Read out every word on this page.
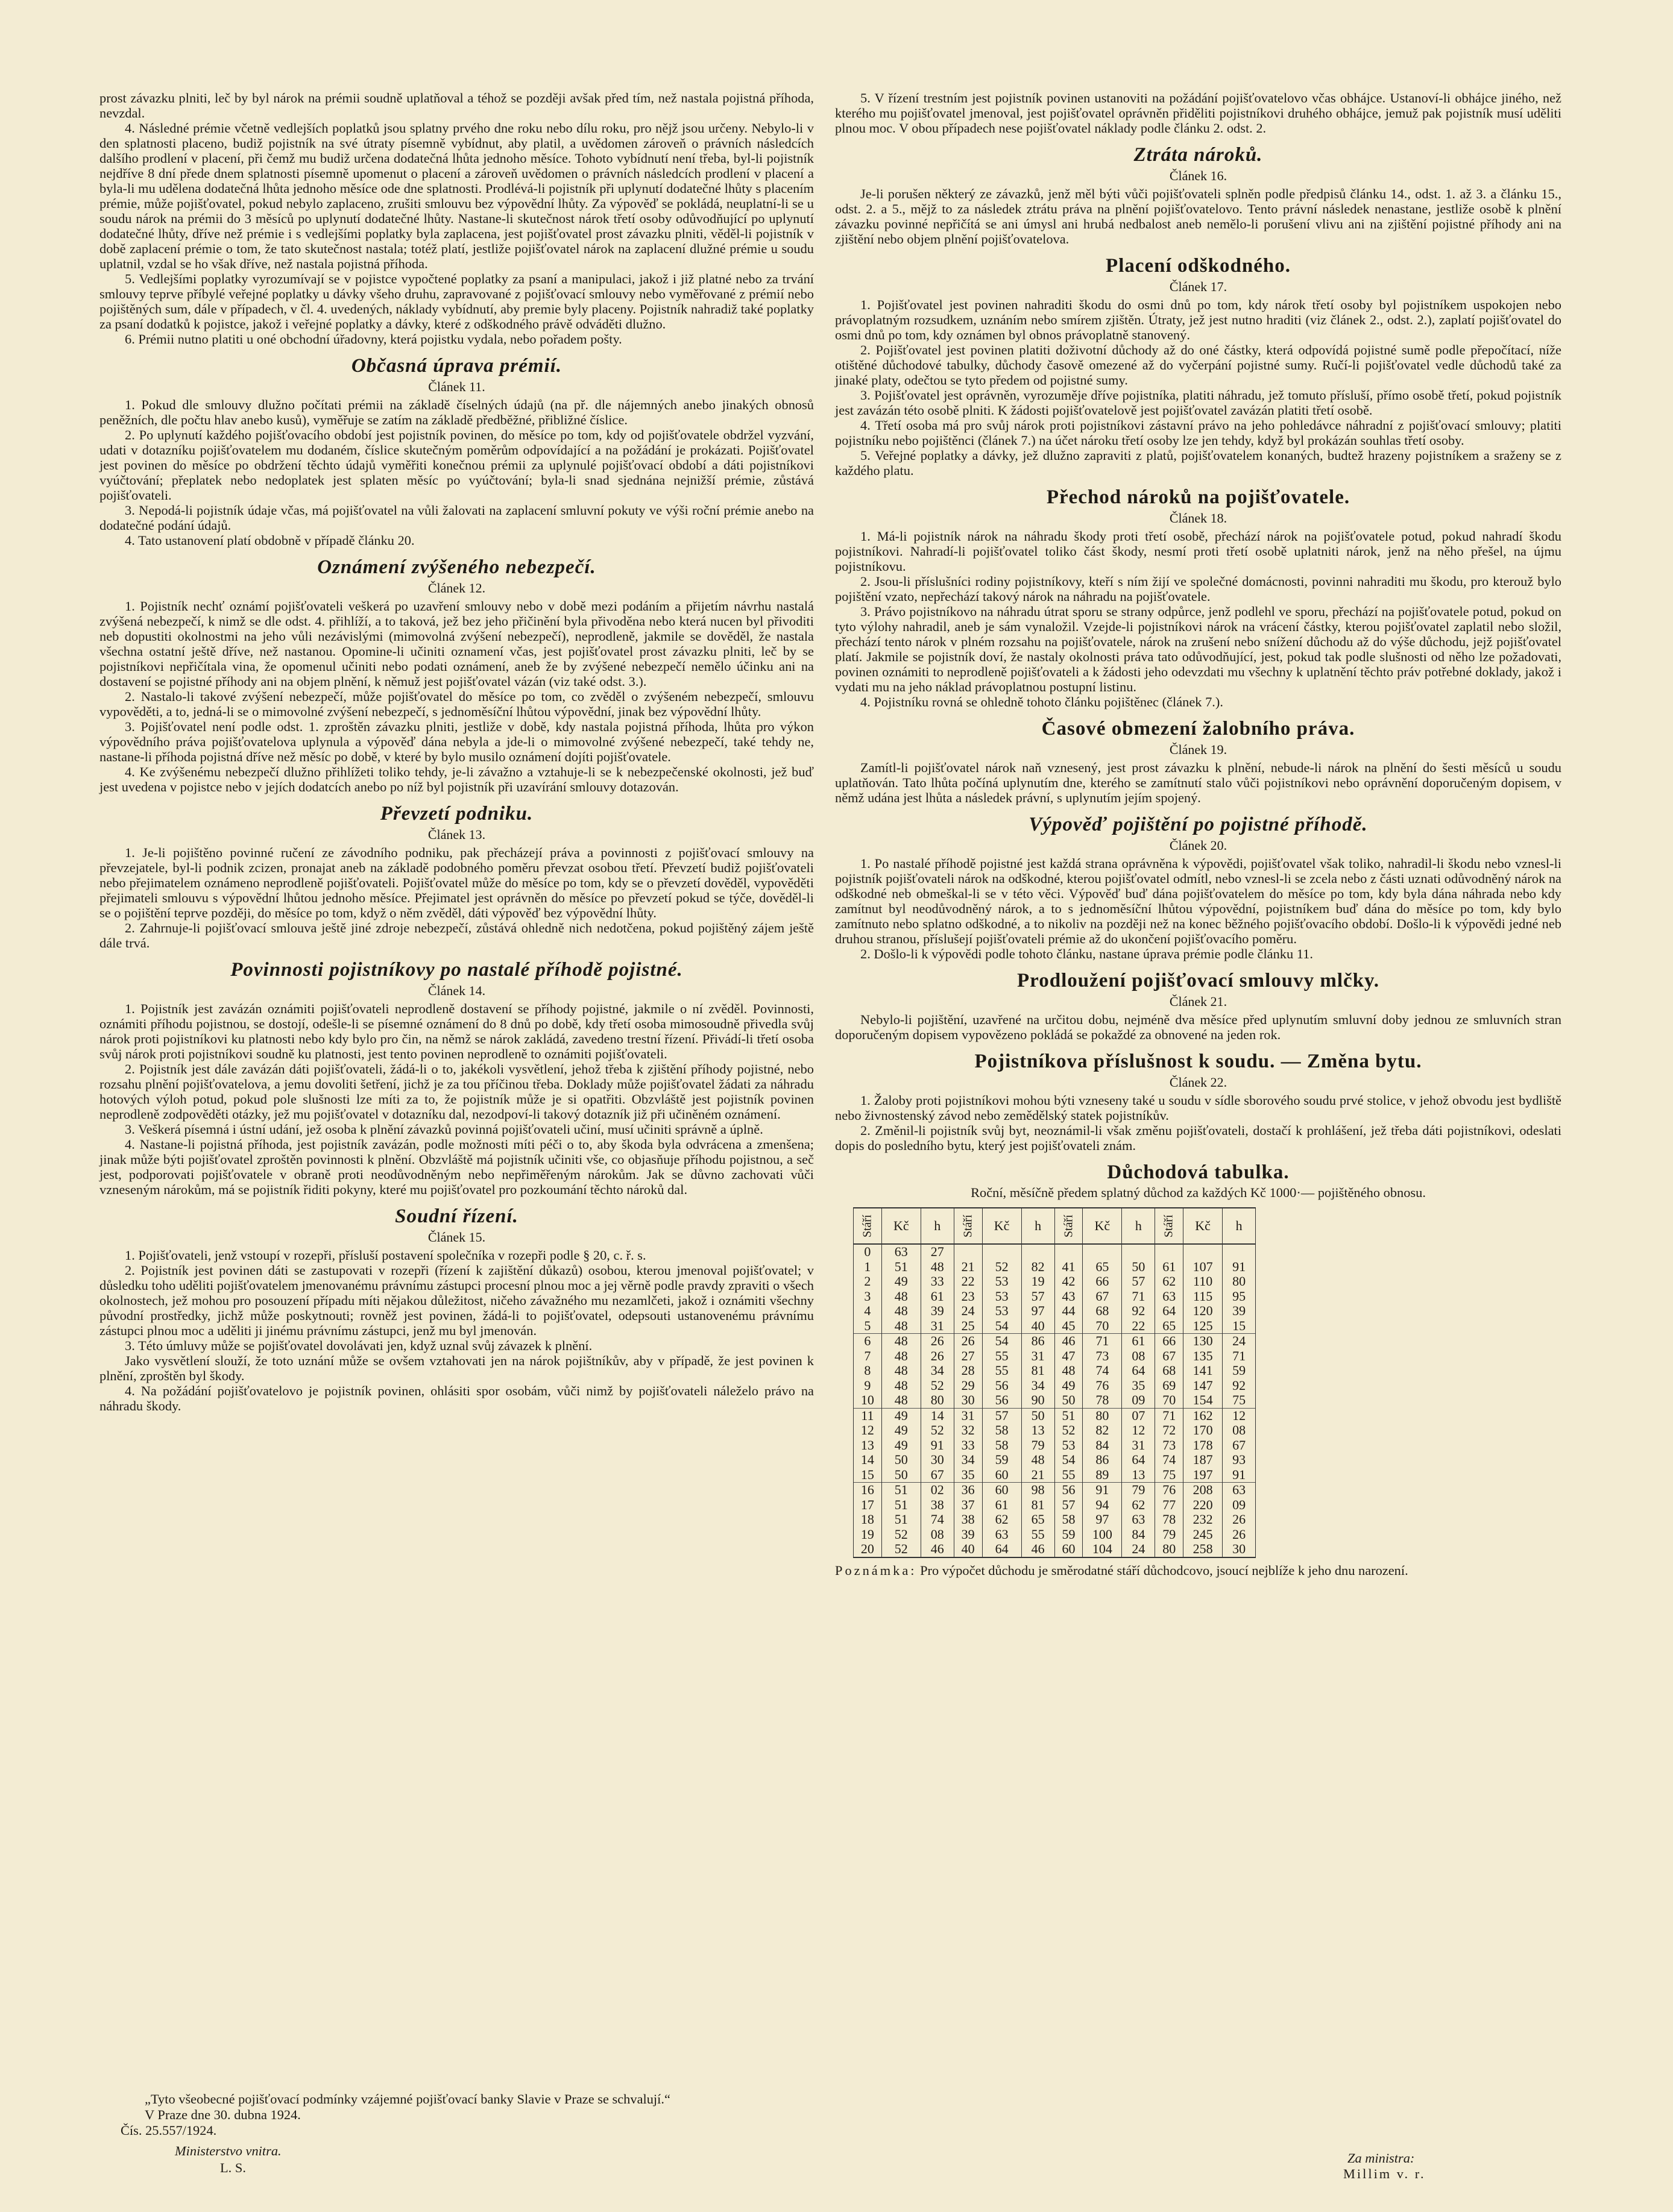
prost závazku plniti, leč by byl nárok na prémii soudně uplatňoval a téhož se později avšak před tím, než nastala pojistná příhoda, nevzdal.

4. Následné prémie včetně vedlejších poplatků jsou splatny prvého dne roku nebo dílu roku, pro nějž jsou určeny. Nebylo-li v den splatnosti placeno, budiž pojistník na své útraty písemně vybídnut, aby platil, a uvědomen zároveň o právních následcích dalšího prodlení v placení, při čemž mu budiž určena dodatečná lhůta jednoho měsíce. Tohoto vybídnutí není třeba, byl-li pojistník nejdříve 8 dní přede dnem splatnosti písemně upomenut o placení a zároveň uvědomen o právních následcích prodlení v placení a byla-li mu udělena dodatečná lhůta jednoho měsíce ode dne splatnosti. Prodlévá-li pojistník při uplynutí dodatečné lhůty s placením prémie, může pojišťovatel, pokud nebylo zaplaceno, zrušiti smlouvu bez výpovědní lhůty. Za výpověď se pokládá, neuplatní-li se u soudu nárok na prémii do 3 měsíců po uplynutí dodatečné lhůty. Nastane-li skutečnost nárok třetí osoby odůvodňující po uplynutí dodatečné lhůty, dříve než prémie i s vedlejšími poplatky byla zaplacena, jest pojišťovatel prost závazku plniti, věděl-li pojistník v době zaplacení prémie o tom, že tato skutečnost nastala; totéž platí, jestliže pojišťovatel nárok na zaplacení dlužné prémie u soudu uplatnil, vzdal se ho však dříve, než nastala pojistná příhoda.

5. Vedlejšími poplatky vyrozumívají se v pojistce vypočtené poplatky za psaní a manipulaci, jakož i již platné nebo za trvání smlouvy teprve příbylé veřejné poplatky u dávky všeho druhu, zapravované z pojišťovací smlouvy nebo vyměřované z prémií nebo pojištěných sum, dále v případech, v čl. 4. uvedených, náklady vybídnutí, aby premie byly placeny. Pojistník nahradiž také poplatky za psaní dodatků k pojistce, jakož i veřejné poplatky a dávky, které z odškodného právě odváděti dlužno.

6. Prémii nutno platiti u oné obchodní úřadovny, která pojistku vydala, nebo pořadem pošty.

Občasná úprava prémií.
Článek 11.

1. Pokud dle smlouvy dlužno počítati prémii na základě číselných údajů (na př. dle nájemných anebo jinakých obnosů peněžních, dle počtu hlav anebo kusů), vyměřuje se zatím na základě předběžné, přibližné číslice.

2. Po uplynutí každého pojišťovacího období jest pojistník povinen, do měsíce po tom, kdy od pojišťovatele obdržel vyzvání, udati v dotazníku pojišťovatelem mu dodaném, číslice skutečným poměrům odpovídající a na požádání je prokázati. Pojišťovatel jest povinen do měsíce po obdržení těchto údajů vyměřiti konečnou prémii za uplynulé pojišťovací období a dáti pojistníkovi vyúčtování; přeplatek nebo nedoplatek jest splaten měsíc po vyúčtování; byla-li snad sjednána nejnižší prémie, zůstává pojišťovateli.

3. Nepodá-li pojistník údaje včas, má pojišťovatel na vůli žalovati na zaplacení smluvní pokuty ve výši roční prémie anebo na dodatečné podání údajů.

4. Tato ustanovení platí obdobně v případě článku 20.

Oznámení zvýšeného nebezpečí.
Článek 12.

1. Pojistník nechť oznámí pojišťovateli veškerá po uzavření smlouvy nebo v době mezi podáním a přijetím návrhu nastalá zvýšená nebezpečí, k nimž se dle odst. 4. přihlíží, a to taková, jež bez jeho přičinění byla přivoděna nebo která nucen byl přivoditi neb dopustiti okolnostmi na jeho vůli nezávislými (mimovolná zvýšení nebezpečí), neprodleně, jakmile se dověděl, že nastala všechna ostatní ještě dříve, než nastanou. Opomine-li učiniti oznamení včas, jest pojišťovatel prost závazku plniti, leč by se pojistníkovi nepřičítala vina, že opomenul učiniti nebo podati oznámení, aneb že by zvýšené nebezpečí nemělo účinku ani na dostavení se pojistné příhody ani na objem plnění, k němuž jest pojišťovatel vázán (viz také odst. 3.).

2. Nastalo-li takové zvýšení nebezpečí, může pojišťovatel do měsíce po tom, co zvěděl o zvýšeném nebezpečí, smlouvu vypověděti, a to, jedná-li se o mimovolné zvýšení nebezpečí, s jednoměsíční lhůtou výpovědní, jinak bez výpovědní lhůty.

3. Pojišťovatel není podle odst. 1. zproštěn závazku plniti, jestliže v době, kdy nastala pojistná příhoda, lhůta pro výkon výpovědního práva pojišťovatelova uplynula a výpověď dána nebyla a jde-li o mimovolné zvýšené nebezpečí, také tehdy ne, nastane-li příhoda pojistná dříve než měsíc po době, v které by bylo musilo oznámení dojíti pojišťovatele.

4. Ke zvýšenému nebezpečí dlužno přihlížeti toliko tehdy, je-li závažno a vztahuje-li se k nebezpečenské okolnosti, jež buď jest uvedena v pojistce nebo v jejích dodatcích anebo po níž byl pojistník při uzavírání smlouvy dotazován.

Převzetí podniku.
Článek 13.

1. Je-li pojištěno povinné ručení ze závodního podniku, pak přecházejí práva a povinnosti z pojišťovací smlouvy na převzejatele, byl-li podnik zcizen, pronajat aneb na základě podobného poměru převzat osobou třetí. Převzetí budiž pojišťovateli nebo přejimatelem oznámeno neprodleně pojišťovateli. Pojišťovatel může do měsíce po tom, kdy se o převzetí dověděl, vypověděti přejimateli smlouvu s výpovědní lhůtou jednoho měsíce. Přejimatel jest oprávněn do měsíce po převzetí pokud se týče, dověděl-li se o pojištění teprve později, do měsíce po tom, když o něm zvěděl, dáti výpověď bez výpovědní lhůty.

2. Zahrnuje-li pojišťovací smlouva ještě jiné zdroje nebezpečí, zůstává ohledně nich nedotčena, pokud pojištěný zájem ještě dále trvá.

Povinnosti pojistníkovy po nastalé příhodě pojistné.
Článek 14.

1. Pojistník jest zavázán oznámiti pojišťovateli neprodleně dostavení se příhody pojistné, jakmile o ní zvěděl. Povinnosti, oznámiti příhodu pojistnou, se dostojí, odešle-li se písemné oznámení do 8 dnů po době, kdy třetí osoba mimosoudně přivedla svůj nárok proti pojistníkovi ku platnosti nebo kdy bylo pro čin, na němž se nárok zakládá, zavedeno trestní řízení. Přivádí-li třetí osoba svůj nárok proti pojistníkovi soudně ku platnosti, jest tento povinen neprodleně to oznámiti pojišťovateli.

2. Pojistník jest dále zavázán dáti pojišťovateli, žádá-li o to, jakékoli vysvětlení, jehož třeba k zjištění příhody pojistné, nebo rozsahu plnění pojišťovatelova, a jemu dovoliti šetření, jichž je za tou příčinou třeba. Doklady může pojišťovatel žádati za náhradu hotových výloh potud, pokud pole slušnosti lze míti za to, že pojistník může je si opatřiti. Obzvláště jest pojistník povinen neprodleně zodpověděti otázky, jež mu pojišťovatel v dotazníku dal, nezodpoví-li takový dotazník již při učiněném oznámení.

3. Veškerá písemná i ústní udání, jež osoba k plnění závazků povinná pojišťovateli učiní, musí učiniti správně a úplně.

4. Nastane-li pojistná příhoda, jest pojistník zavázán, podle možnosti míti péči o to, aby škoda byla odvrácena a zmenšena; jinak může býti pojišťovatel zproštěn povinnosti k plnění. Obzvláště má pojistník učiniti vše, co objasňuje příhodu pojistnou, a seč jest, podporovati pojišťovatele v obraně proti neodůvodněným nebo nepřiměřeným nárokům. Jak se důvno zachovati vůči vzneseným nárokům, má se pojistník řiditi pokyny, které mu pojišťovatel pro pozkoumání těchto nároků dal.

Soudní řízení.
Článek 15.

1. Pojišťovateli, jenž vstoupí v rozepři, přísluší postavení společníka v rozepři podle § 20, c. ř. s.

2. Pojistník jest povinen dáti se zastupovati v rozepři (řízení k zajištění důkazů) osobou, kterou jmenoval pojišťovatel; v důsledku toho uděliti pojišťovatelem jmenovanému právnímu zástupci procesní plnou moc a jej věrně podle pravdy zpraviti o všech okolnostech, jež mohou pro posouzení případu míti nějakou důležitost, ničeho závažného mu nezamlčeti, jakož i oznámiti všechny původní prostředky, jichž může poskytnouti; rovněž jest povinen, žádá-li to pojišťovatel, odepsouti ustanovenému právnímu zástupci plnou moc a uděliti ji jinému právnímu zástupci, jenž mu byl jmenován.

3. Této úmluvy může se pojišťovatel dovolávati jen, když uznal svůj závazek k plnění.

Jako vysvětlení slouží, že toto uznání může se ovšem vztahovati jen na nárok pojištníkův, aby v případě, že jest povinen k plnění, zproštěn byl škody.

4. Na požádání pojišťovatelovo je pojistník povinen, ohlásiti spor osobám, vůči nimž by pojišťovateli náleželo právo na náhradu škody.

5. V řízení trestním jest pojistník povinen ustanoviti na požádání pojišťovatelovo včas obhájce. Ustanoví-li obhájce jiného, než kterého mu pojišťovatel jmenoval, jest pojišťovatel oprávněn přiděliti pojistníkovi druhého obhájce, jemuž pak pojistník musí uděliti plnou moc. V obou případech nese pojišťovatel náklady podle článku 2. odst. 2.

Ztráta nároků.
Článek 16.

Je-li porušen některý ze závazků, jenž měl býti vůči pojišťovateli splněn podle předpisů článku 14., odst. 1. až 3. a článku 15., odst. 2. a 5., mějž to za následek ztrátu práva na plnění pojišťovatelovo. Tento právní následek nenastane, jestliže osobě k plnění závazku povinné nepřičítá se ani úmysl ani hrubá nedbalost aneb nemělo-li porušení vlivu ani na zjištění pojistné příhody ani na zjištění nebo objem plnění pojišťovatelova.

Placení odškodného.
Článek 17.

1. Pojišťovatel jest povinen nahraditi škodu do osmi dnů po tom, kdy nárok třetí osoby byl pojistníkem uspokojen nebo právoplatným rozsudkem, uznáním nebo smírem zjištěn. Útraty, jež jest nutno hraditi (viz článek 2., odst. 2.), zaplatí pojišťovatel do osmi dnů po tom, kdy oznámen byl obnos právoplatně stanovený.

2. Pojišťovatel jest povinen platiti doživotní důchody až do oné částky, která odpovídá pojistné sumě podle přepočítací, níže otištěné důchodové tabulky, důchody časově omezené až do vyčerpání pojistné sumy. Ručí-li pojišťovatel vedle důchodů také za jinaké platy, odečtou se tyto předem od pojistné sumy.

3. Pojišťovatel jest oprávněn, vyrozuměje dříve pojistníka, platiti náhradu, jež tomuto přísluší, přímo osobě třetí, pokud pojistník jest zavázán této osobě plniti. K žádosti pojišťovatelově jest pojišťovatel zavázán platiti třetí osobě.

4. Třetí osoba má pro svůj nárok proti pojistníkovi zástavní právo na jeho pohledávce náhradní z pojišťovací smlouvy; platiti pojistníku nebo pojištěnci (článek 7.) na účet nároku třetí osoby lze jen tehdy, když byl prokázán souhlas třetí osoby.

5. Veřejné poplatky a dávky, jež dlužno zapraviti z platů, pojišťovatelem konaných, budtež hrazeny pojistníkem a sraženy se z každého platu.

Přechod nároků na pojišťovatele.
Článek 18.

1. Má-li pojistník nárok na náhradu škody proti třetí osobě, přechází nárok na pojišťovatele potud, pokud nahradí škodu pojistníkovi. Nahradí-li pojišťovatel toliko část škody, nesmí proti třetí osobě uplatniti nárok, jenž na něho přešel, na újmu pojistníkovu.

2. Jsou-li příslušníci rodiny pojistníkovy, kteří s ním žijí ve společné domácnosti, povinni nahraditi mu škodu, pro kterouž bylo pojištění vzato, nepřechází takový nárok na náhradu na pojišťovatele.

3. Právo pojistníkovo na náhradu útrat sporu se strany odpůrce, jenž podlehl ve sporu, přechází na pojišťovatele potud, pokud on tyto výlohy nahradil, aneb je sám vynaložil. Vzejde-li pojistníkovi nárok na vrácení částky, kterou pojišťovatel zaplatil nebo složil, přechází tento nárok v plném rozsahu na pojišťovatele, nárok na zrušení nebo snížení důchodu až do výše důchodu, jejž pojišťovatel platí. Jakmile se pojistník doví, že nastaly okolnosti práva tato odůvodňující, jest, pokud tak podle slušnosti od něho lze požadovati, povinen oznámiti to neprodleně pojišťovateli a k žádosti jeho odevzdati mu všechny k uplatnění těchto práv potřebné doklady, jakož i vydati mu na jeho náklad právoplatnou postupní listinu.

4. Pojistníku rovná se ohledně tohoto článku pojištěnec (článek 7.).

Časové obmezení žalobního práva.
Článek 19.

Zamítl-li pojišťovatel nárok naň vznesený, jest prost závazku k plnění, nebude-li nárok na plnění do šesti měsíců u soudu uplatňován. Tato lhůta počíná uplynutím dne, kterého se zamítnutí stalo vůči pojistníkovi nebo oprávnění doporučeným dopisem, v němž udána jest lhůta a následek právní, s uplynutím jejím spojený.

Výpověď pojištění po pojistné příhodě.
Článek 20.

1. Po nastalé příhodě pojistné jest každá strana oprávněna k výpovědi, pojišťovatel však toliko, nahradil-li škodu nebo vznesl-li pojistník pojišťovateli nárok na odškodné, kterou pojišťovatel odmítl, nebo vznesl-li se zcela nebo z části uznati odůvodněný nárok na odškodné neb obmeškal-li se v této věci. Výpověď buď dána pojišťovatelem do měsíce po tom, kdy byla dána náhrada nebo kdy zamítnut byl neodůvodněný nárok, a to s jednoměsíční lhůtou výpovědní, pojistníkem buď dána do měsíce po tom, kdy bylo zamítnuto nebo splatno odškodné, a to nikoliv na později než na konec běžného pojišťovacího období. Došlo-li k výpovědi jedné neb druhou stranou, příslušejí pojišťovateli prémie až do ukončení pojišťovacího poměru.

2. Došlo-li k výpovědi podle tohoto článku, nastane úprava prémie podle článku 11.

Prodloužení pojišťovací smlouvy mlčky.
Článek 21.

Nebylo-li pojištění, uzavřené na určitou dobu, nejméně dva měsíce před uplynutím smluvní doby jednou ze smluvních stran doporučeným dopisem vypovězeno pokládá se pokaždé za obnovené na jeden rok.

Pojistníkova příslušnost k soudu. — Změna bytu.
Článek 22.

1. Žaloby proti pojistníkovi mohou býti vzneseny také u soudu v sídle sborového soudu prvé stolice, v jehož obvodu jest bydliště nebo živnostenský závod nebo zemědělský statek pojistníkův.

2. Změnil-li pojistník svůj byt, neoznámil-li však změnu pojišťovateli, dostačí k prohlášení, jež třeba dáti pojistníkovi, odeslati dopis do posledního bytu, který jest pojišťovateli znám.

Důchodová tabulka.
Roční, měsíčně předem splatný důchod za každých Kč 1000·— pojištěného obnosu.
Stáří	Kč	h	Stáří	Kč	h	Stáří	Kč	h	Stáří	Kč	h
0	63	27									
1	51	48	21	52	82	41	65	50	61	107	91
2	49	33	22	53	19	42	66	57	62	110	80
3	48	61	23	53	57	43	67	71	63	115	95
4	48	39	24	53	97	44	68	92	64	120	39
5	48	31	25	54	40	45	70	22	65	125	15
6	48	26	26	54	86	46	71	61	66	130	24
7	48	26	27	55	31	47	73	08	67	135	71
8	48	34	28	55	81	48	74	64	68	141	59
9	48	52	29	56	34	49	76	35	69	147	92
10	48	80	30	56	90	50	78	09	70	154	75
11	49	14	31	57	50	51	80	07	71	162	12
12	49	52	32	58	13	52	82	12	72	170	08
13	49	91	33	58	79	53	84	31	73	178	67
14	50	30	34	59	48	54	86	64	74	187	93
15	50	67	35	60	21	55	89	13	75	197	91
16	51	02	36	60	98	56	91	79	76	208	63
17	51	38	37	61	81	57	94	62	77	220	09
18	51	74	38	62	65	58	97	63	78	232	26
19	52	08	39	63	55	59	100	84	79	245	26
20	52	46	40	64	46	60	104	24	80	258	30
Poznámka: Pro výpočet důchodu je směrodatné stáří důchodcovo, jsoucí nejblíže k jeho dnu narození.
„Tyto všeobecné pojišťovací podmínky vzájemné pojišťovací banky Slavie v Praze se schvalují.“
V Praze dne 30. dubna 1924.
Čís. 25.557/1924.
Ministerstvo vnitra.
L. S.
Za ministra:
Millim v. r.
